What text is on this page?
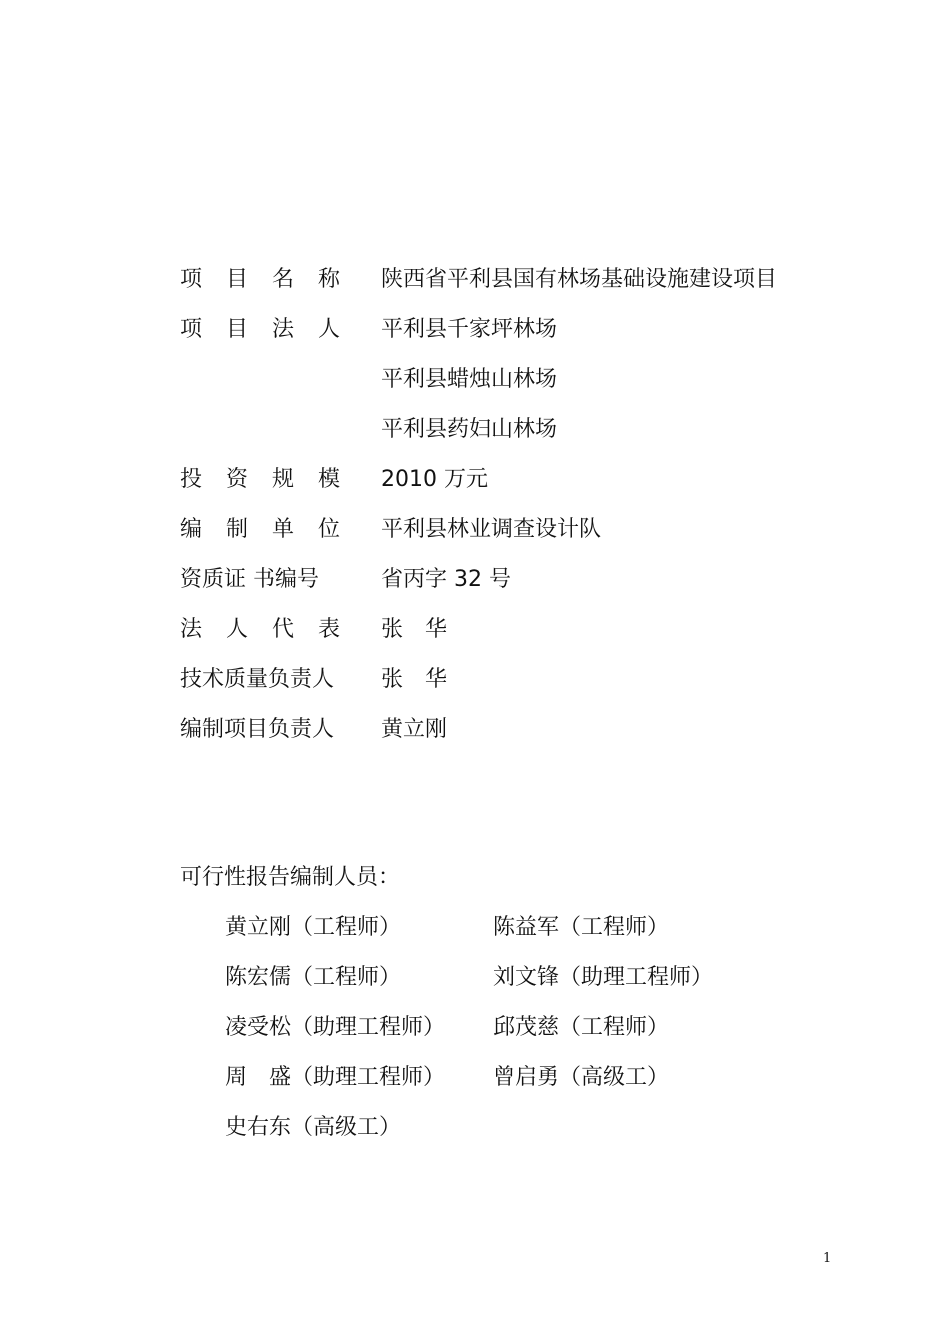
项目名称 陕西省平利县国有林场基础设施建设项目
项目法人 平利县千家坪林场
平利县蜡烛山林场
平利县药妇山林场
投资规模 2010 万元
编制单位 平利县林业调查设计队
资质证 书编号	省丙字 32 号
法人代表 张　华
技术质量负责人 张　华
编制项目负责人 黄立刚
可行性报告编制人员：
黄立刚（工程师）	陈益军（工程师）
陈宏儒（工程师）	刘文锋（助理工程师）
凌受松（助理工程师） 邱茂慈（工程师）
周　盛（助理工程师） 曾启勇（高级工）
史右东（高级工）
1
